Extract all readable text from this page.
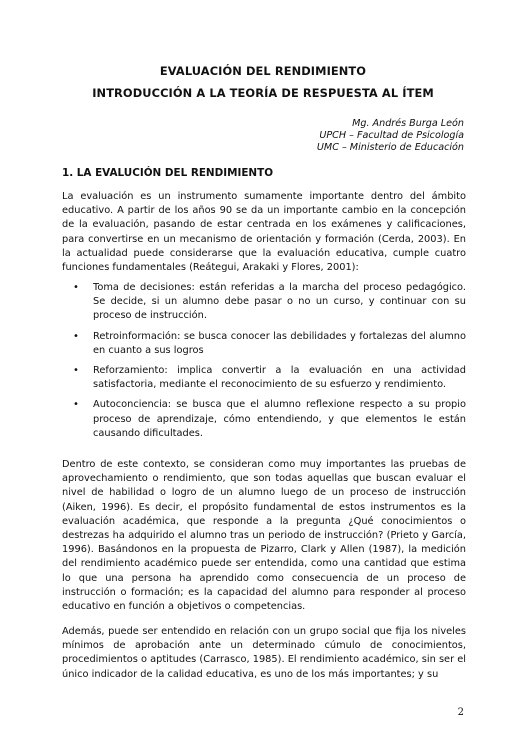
EVALUACIÓN DEL RENDIMIENTO
INTRODUCCIÓN A LA TEORÍA DE RESPUESTA AL ÍTEM
Mg. Andrés Burga León
UPCH – Facultad de Psicología
UMC – Ministerio de Educación
1. LA EVALUCIÓN DEL RENDIMIENTO
La evaluación es un instrumento sumamente importante dentro del ámbito educativo. A partir de los años 90 se da un importante cambio en la concepción de la evaluación, pasando de estar centrada en los exámenes y calificaciones, para convertirse en un mecanismo de orientación y formación (Cerda, 2003). En la actualidad puede considerarse que la evaluación educativa, cumple cuatro funciones fundamentales (Reátegui, Arakaki y Flores, 2001):
• Toma de decisiones: están referidas a la marcha del proceso pedagógico. Se decide, si un alumno debe pasar o no un curso, y continuar con su proceso de instrucción.
• Retroinformación: se busca conocer las debilidades y fortalezas del alumno en cuanto a sus logros
• Reforzamiento: implica convertir a la evaluación en una actividad satisfactoria, mediante el reconocimiento de su esfuerzo y rendimiento.
• Autoconciencia: se busca que el alumno reflexione respecto a su propio proceso de aprendizaje, cómo entendiendo, y que elementos le están causando dificultades.
Dentro de este contexto, se consideran como muy importantes las pruebas de aprovechamiento o rendimiento, que son todas aquellas que buscan evaluar el nivel de habilidad o logro de un alumno luego de un proceso de instrucción (Aiken, 1996). Es decir, el propósito fundamental de estos instrumentos es la evaluación académica, que responde a la pregunta ¿Qué conocimientos o destrezas ha adquirido el alumno tras un periodo de instrucción? (Prieto y García, 1996). Basándonos en la propuesta de Pizarro, Clark y Allen (1987), la medición del rendimiento académico puede ser entendida, como una cantidad que estima lo que una persona ha aprendido como consecuencia de un proceso de instrucción o formación; es la capacidad del alumno para responder al proceso educativo en función a objetivos o competencias.
Además, puede ser entendido en relación con un grupo social que fija los niveles mínimos de aprobación ante un determinado cúmulo de conocimientos, procedimientos o aptitudes (Carrasco, 1985). El rendimiento académico, sin ser el único indicador de la calidad educativa, es uno de los más importantes; y su
2
